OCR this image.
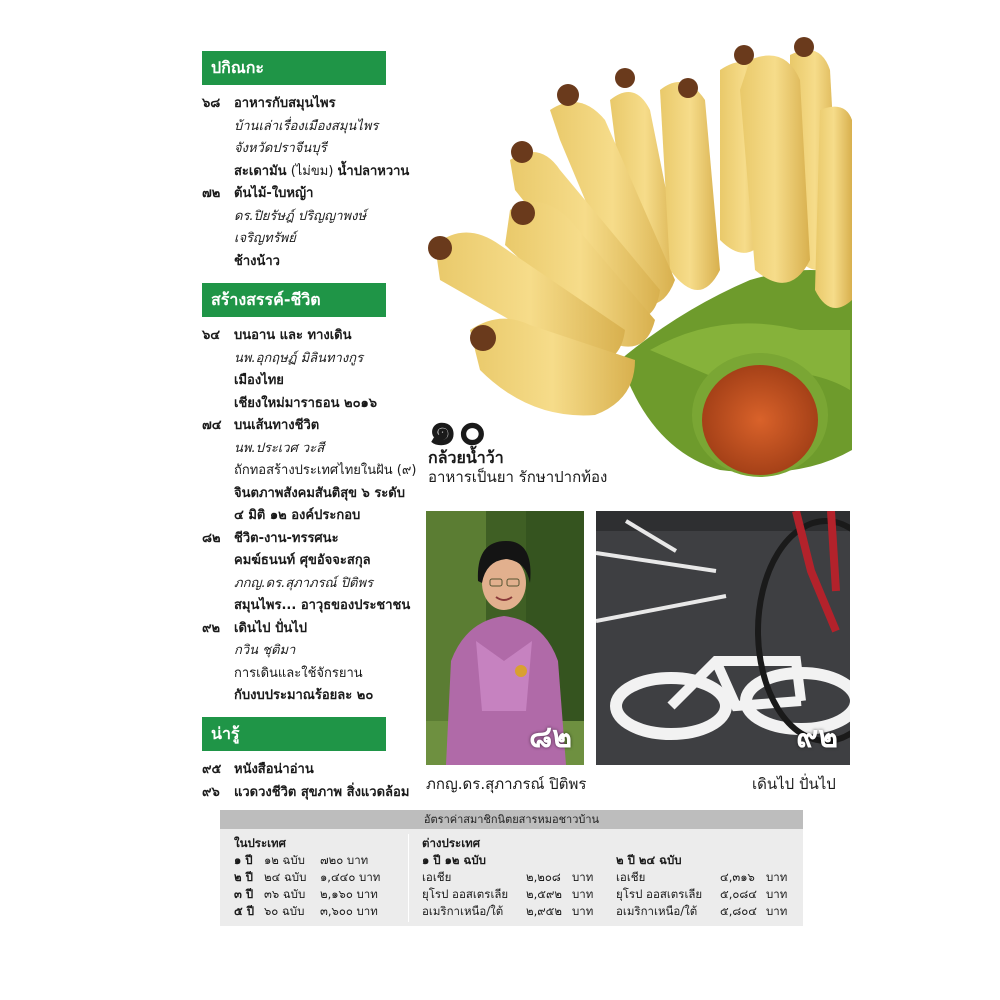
ปกิณกะ
สร้างสรรค์-ชีวิต
น่ารู้
๖๘	อาหารกับสมุนไพร
บ้านเล่าเรื่องเมืองสมุนไพร
จังหวัดปราจีนบุรี
สะเดามัน (ไม่ขม) น้ำปลาหวาน
๗๒	ต้นไม้-ใบหญ้า
ดร.ปิยรัษฎ์ ปริญญาพงษ์
เจริญทรัพย์
ช้างน้าว
๖๔	บนอาน และ ทางเดิน
นพ.อุกฤษฏ์ มิลินทางกูร
เมืองไทย
เชียงใหม่มาราธอน ๒๐๑๖
๗๔ บนเส้นทางชีวิต
นพ.ประเวศ วะสี
ถักทอสร้างประเทศไทยในฝัน (๙)
จินตภาพสังคมสันติสุข ๖ ระดับ
๔ มิติ ๑๒ องค์ประกอบ
๘๒	ชีวิต-งาน-ทรรศนะ
คมฆ์ธนนท์ ศุขอัจจะสกุล
ภกญ.ดร.สุภาภรณ์ ปิติพร
สมุนไพร... อาวุธของประชาชน
๙๒	เดินไป ปั่นไป
กวิน ชุติมา
การเดินและใช้จักรยาน
กับงบประมาณร้อยละ ๒๐
๙๕ หนังสือน่าอ่าน
๙๖	แวดวงชีวิต สุขภาพ สิ่งแวดล้อม
๑๐
กล้วยน้ำว้า
อาหารเป็นยา รักษาปากท้อง
๘๒
ภกญ.ดร.สุภาภรณ์ ปิติพร
๙๒
เดินไป ปั่นไป
อัตราค่าสมาชิกนิตยสารหมอชาวบ้าน
ในประเทศ
๑ ปี ๑๒ ฉบับ ๗๒๐ บาท
๒ ปี ๒๔ ฉบับ ๑,๔๔๐ บาท
๓ ปี ๓๖ ฉบับ ๒,๑๖๐ บาท
๕ ปี ๖๐ ฉบับ ๓,๖๐๐ บาท
ต่างประเทศ
๑ ปี ๑๒ ฉบับ	๒ ปี ๒๔ ฉบับ
เอเชีย	๒,๒๐๘ บาท
ยุโรป ออสเตรเลีย ๒,๕๙๒ บาท
อเมริกาเหนือ/ใต้ ๒,๙๕๒ บาท
เอเชีย	๔,๓๑๖ บาท
ยุโรป ออสเตรเลีย ๕,๐๘๔ บาท
อเมริกาเหนือ/ใต้ ๕,๘๐๔ บาท
